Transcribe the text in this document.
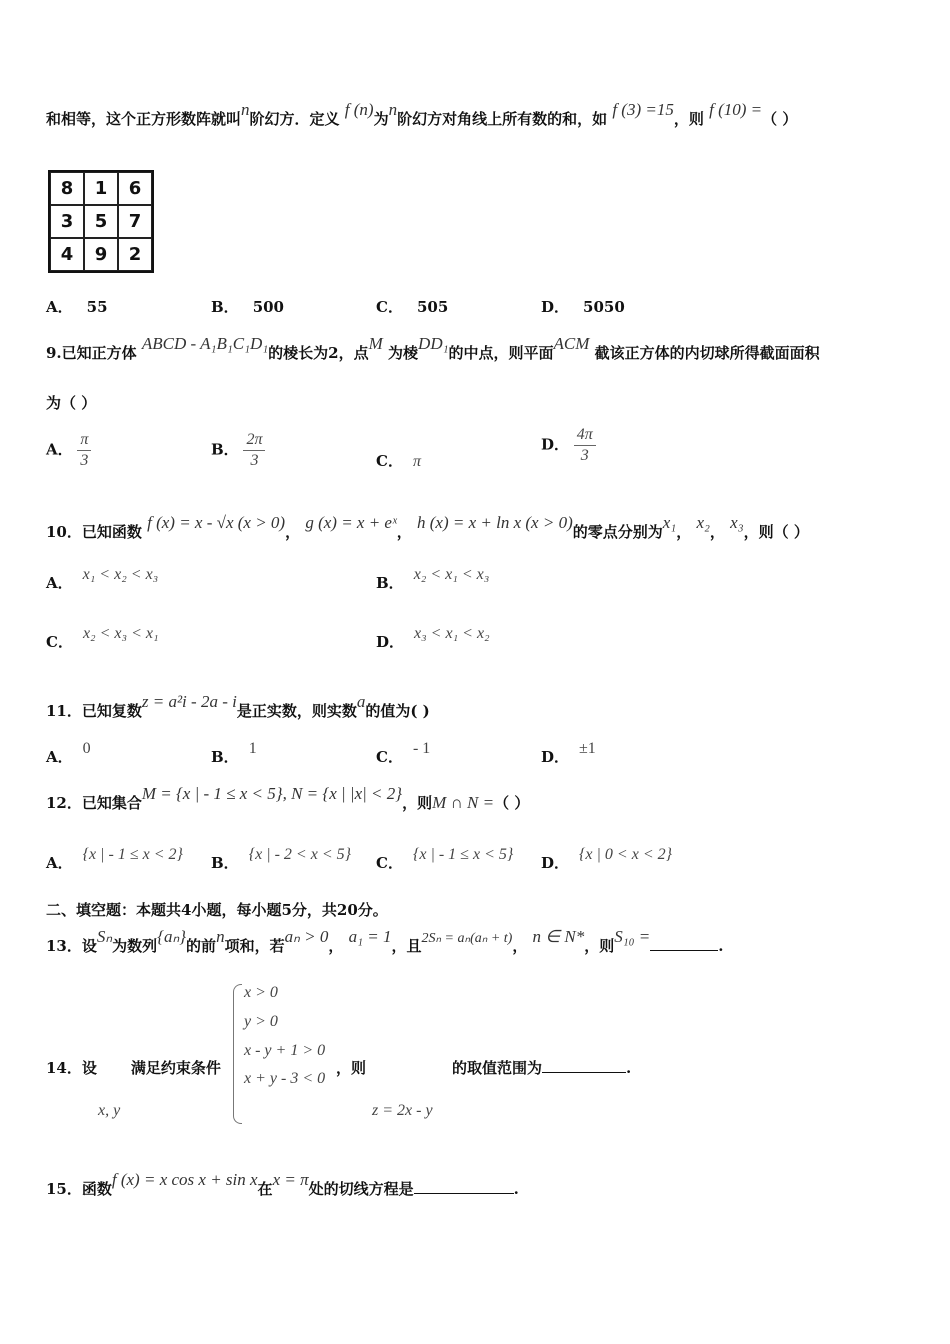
和相等，这个正方形数阵就叫n阶幻方．定义 f (n)为n阶幻方对角线上所有数的和，如 f (3) =15，则 f (10) =（ ）
8	1	6
3	5	7
4	9	2
A． 55	B． 500	C． 505	D． 5050
9.已知正方体 ABCD - A₁B₁C₁D₁的棱长为2，点M 为棱DD₁的中点，则平面ACM 截该正方体的内切球所得截面面积
为（ ）
A． $\frac{\pi}{3}$	B． $\frac{2\pi}{3}$	C． π
D． $\frac{4\pi}{3}$
10．已知函数 f (x) = x - √x (x > 0)， g (x) = x + eˣ， h (x) = x + ln x (x > 0)的零点分别为x₁， x₂， x₃，则（ ）
A． x₁ < x₂ < x₃	B． x₂ < x₁ < x₃
C． x₂ < x₃ < x₁	D． x₃ < x₁ < x₂
11．已知复数z = a²i - 2a - i是正实数，则实数a的值为( )
A． 0	B． 1	C． - 1	D． ±1
12．已知集合M = {x | - 1 ≤ x < 5}, N = {x | |x| < 2}，则M ∩ N =（ ）
A． {x | - 1 ≤ x < 2} B． {x | - 2 < x < 5} C． {x | - 1 ≤ x < 5} D． {x | 0 < x < 2}
二、填空题：本题共4小题，每小题5分，共20分。
13．设Sₙ为数列{aₙ}的前n项和，若aₙ > 0， a₁ = 1，且2Sₙ = aₙ(aₙ + t)， n ∈ N*，则S₁₀ =	.
14．设 满足约束条件
x, y
x > 0
y > 0
x - y + 1 > 0
x + y - 3 < 0
，则	的取值范围为	.
z = 2x - y
15．函数f (x) = x cos x + sin x在x = π处的切线方程是	.
